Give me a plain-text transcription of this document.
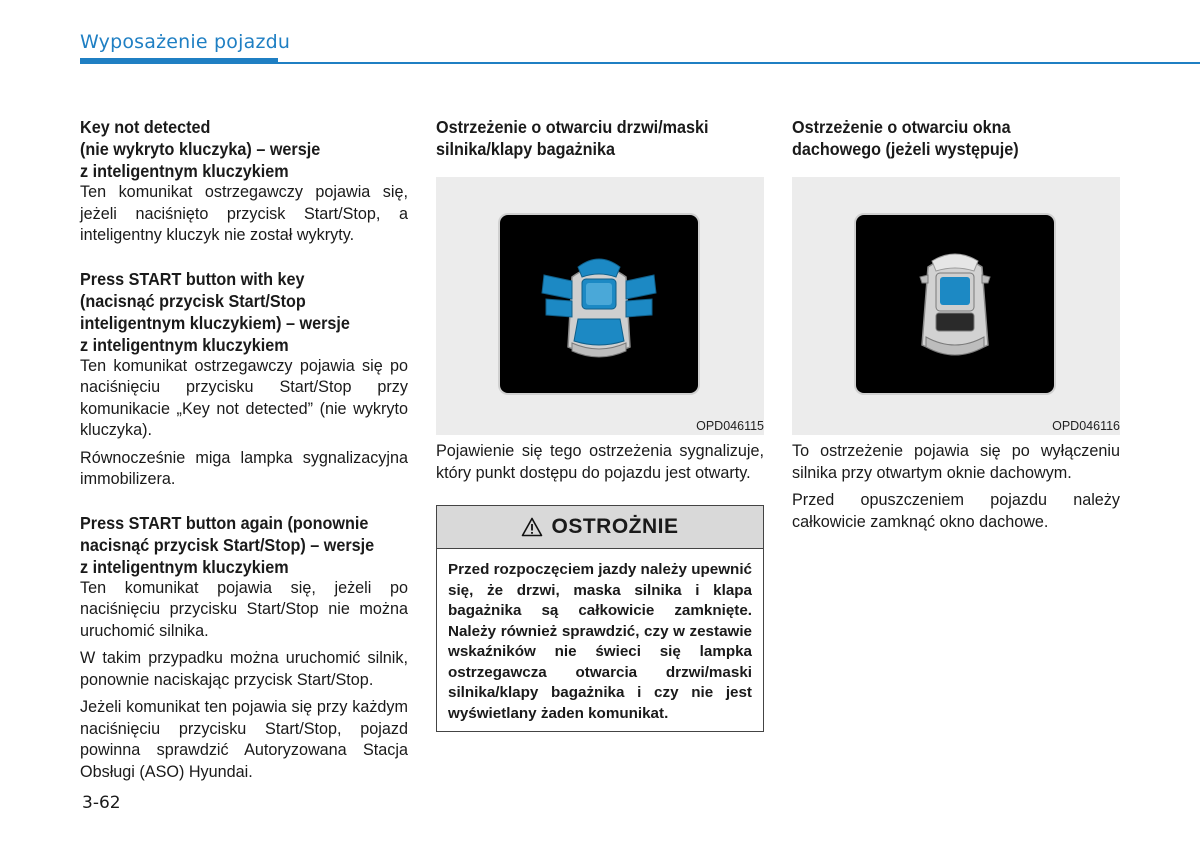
Wyposażenie pojazdu

Key not detected
(nie wykryto kluczyka) – wersje
z inteligentnym kluczykiem

Ten komunikat ostrzegawczy pojawia się, jeżeli naciśnięto przycisk Start/Stop, a inteligentny kluczyk nie został wykryty.

Press START button with key
(nacisnąć przycisk Start/Stop
inteligentnym kluczykiem) – wersje
z inteligentnym kluczykiem

Ten komunikat ostrzegawczy pojawia się po naciśnięciu przycisku Start/Stop przy komunikacie „Key not detected” (nie wykryto kluczyka).

Równocześnie miga lampka sygnalizacyjna immobilizera.

Press START button again (ponownie
nacisnąć przycisk Start/Stop) – wersje
z inteligentnym kluczykiem

Ten komunikat pojawia się, jeżeli po naciśnięciu przycisku Start/Stop nie można uruchomić silnika.

W takim przypadku można uruchomić silnik, ponownie naciskając przycisk Start/Stop.

Jeżeli komunikat ten pojawia się przy każdym naciśnięciu przycisku Start/Stop, pojazd powinna sprawdzić Autoryzowana Stacja Obsługi (ASO) Hyundai.

Ostrzeżenie o otwarciu drzwi/maski
silnika/klapy bagażnika

OPD046115

Pojawienie się tego ostrzeżenia sygnalizuje, który punkt dostępu do pojazdu jest otwarty.

OSTROŻNIE
Przed rozpoczęciem jazdy należy upewnić się, że drzwi, maska silnika i klapa bagażnika są całkowicie zamknięte. Należy również sprawdzić, czy w zestawie wskaźników nie świeci się lampka ostrzegawcza otwarcia drzwi/maski silnika/klapy bagażnika i czy nie jest wyświetlany żaden komunikat.

Ostrzeżenie o otwarciu okna
dachowego (jeżeli występuje)

OPD046116

To ostrzeżenie pojawia się po wyłączeniu silnika przy otwartym oknie dachowym.

Przed opuszczeniem pojazdu należy całkowicie zamknąć okno dachowe.

3-62
